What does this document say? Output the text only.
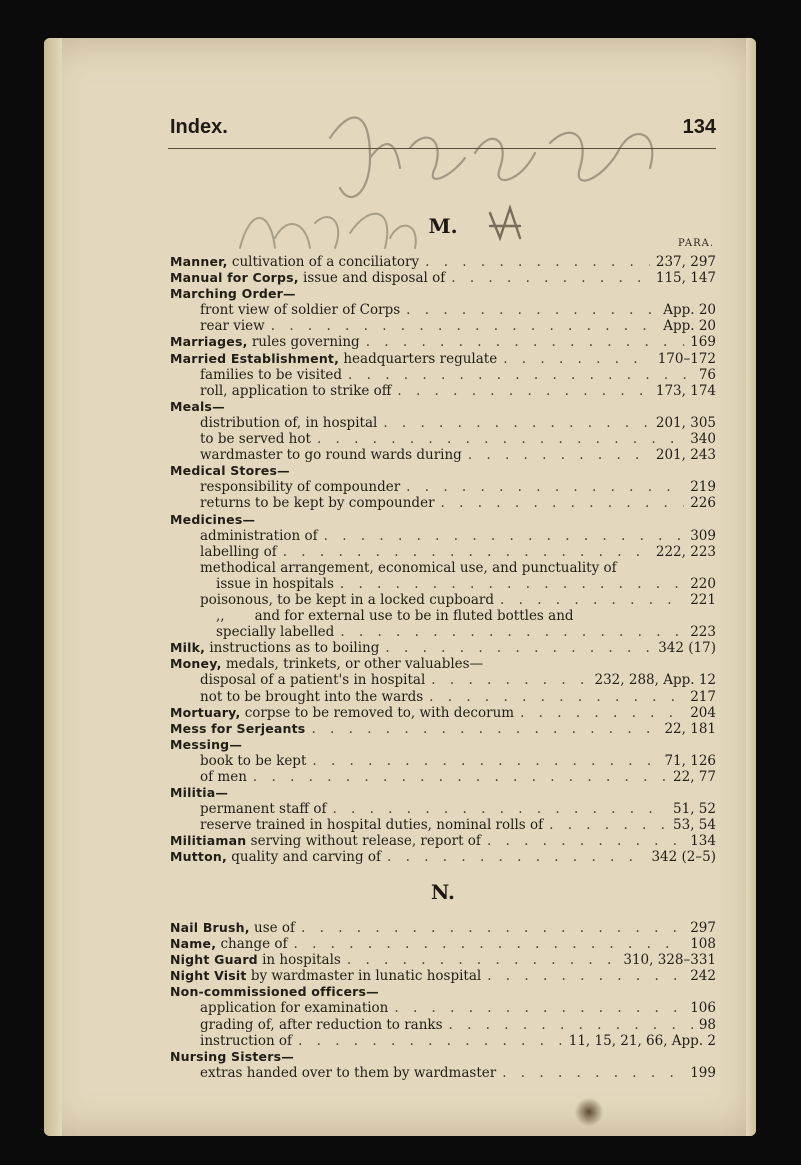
Index.	134
M.
PARA.
Manner, cultivation of a conciliatory . . .	237, 297
Manual for Corps, issue and disposal of . . .	115, 147
Marching Order—
front view of soldier of Corps . . .	App. 20
rear view . . .	App. 20
Marriages, rules governing . . .	169
Married Establishment, headquarters regulate . . .	170–172
families to be visited . . .	76
roll, application to strike off . . .	173, 174
Meals—
distribution of, in hospital . . .	201, 305
to be served hot . . .	340
wardmaster to go round wards during . . .	201, 243
Medical Stores—
responsibility of compounder . . .	219
returns to be kept by compounder . . .	226
Medicines—
administration of . . .	309
labelling of . . .	222, 223
methodical arrangement, economical use, and punctuality of
issue in hospitals . . .	220
poisonous, to be kept in a locked cupboard . . .	221
,,       and for external use to be in fluted bottles and
specially labelled . . .	223
Milk, instructions as to boiling . . .	342 (17)
Money, medals, trinkets, or other valuables—
disposal of a patient's in hospital . . .	232, 288, App. 12
not to be brought into the wards . . .	217
Mortuary, corpse to be removed to, with decorum . . .	204
Mess for Serjeants . . .	22, 181
Messing—
book to be kept . . .	71, 126
of men . . .	22, 77
Militia—
permanent staff of . . .	51, 52
reserve trained in hospital duties, nominal rolls of . . .	53, 54
Militiaman serving without release, report of . . .	134
Mutton, quality and carving of . . .	342 (2–5)
N.
Nail Brush, use of . . .	297
Name, change of . . .	108
Night Guard in hospitals . . .	310, 328–331
Night Visit by wardmaster in lunatic hospital . . .	242
Non-commissioned officers—
application for examination . . .	106
grading of, after reduction to ranks . . .	98
instruction of . . .	11, 15, 21, 66, App. 2
Nursing Sisters—
extras handed over to them by wardmaster . . .	199
